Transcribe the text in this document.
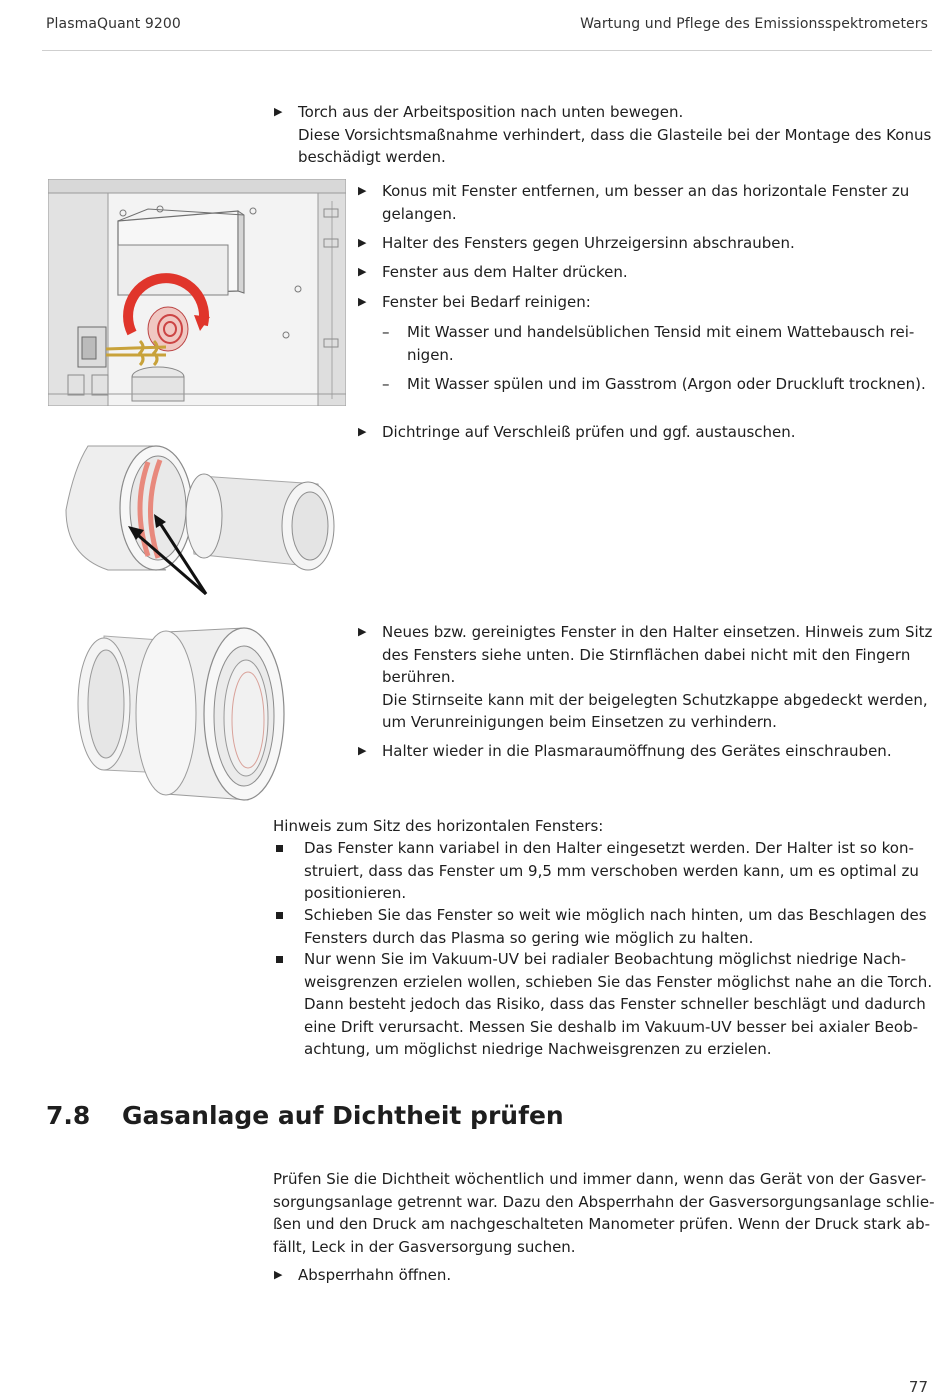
PlasmaQuant 9200	Wartung und Pflege des Emissionsspektrometers
▶ Torch aus der Arbeitsposition nach unten bewegen.
Diese Vorsichtsmaßnahme verhindert, dass die Glasteile bei der Montage des Konus
beschädigt werden.
▶ Konus mit Fenster entfernen, um besser an das horizontale Fenster zu
gelangen.
▶ Halter des Fensters gegen Uhrzeigersinn abschrauben.
▶ Fenster aus dem Halter drücken.
▶ Fenster bei Bedarf reinigen:
– Mit Wasser und handelsüblichen Tensid mit einem Wattebausch rei-
nigen.
– Mit Wasser spülen und im Gasstrom (Argon oder Druckluft trocknen).
▶ Dichtringe auf Verschleiß prüfen und ggf. austauschen.
▶ Neues bzw. gereinigtes Fenster in den Halter einsetzen. Hinweis zum Sitz
des Fensters siehe unten. Die Stirnflächen dabei nicht mit den Fingern
berühren.
Die Stirnseite kann mit der beigelegten Schutzkappe abgedeckt werden,
um Verunreinigungen beim Einsetzen zu verhindern.
▶ Halter wieder in die Plasmaraumöffnung des Gerätes einschrauben.
Hinweis zum Sitz des horizontalen Fensters:
Das Fenster kann variabel in den Halter eingesetzt werden. Der Halter ist so kon-
struiert, dass das Fenster um 9,5 mm verschoben werden kann, um es optimal zu
positionieren.
Schieben Sie das Fenster so weit wie möglich nach hinten, um das Beschlagen des
Fensters durch das Plasma so gering wie möglich zu halten.
Nur wenn Sie im Vakuum-UV bei radialer Beobachtung möglichst niedrige Nach-
weisgrenzen erzielen wollen, schieben Sie das Fenster möglichst nahe an die Torch.
Dann besteht jedoch das Risiko, dass das Fenster schneller beschlägt und dadurch
eine Drift verursacht. Messen Sie deshalb im Vakuum-UV besser bei axialer Beob-
achtung, um möglichst niedrige Nachweisgrenzen zu erzielen.
7.8 Gasanlage auf Dichtheit prüfen
Prüfen Sie die Dichtheit wöchentlich und immer dann, wenn das Gerät von der Gasver-
sorgungsanlage getrennt war. Dazu den Absperrhahn der Gasversorgungsanlage schlie-
ßen und den Druck am nachgeschalteten Manometer prüfen. Wenn der Druck stark ab-
fällt, Leck in der Gasversorgung suchen.
▶ Absperrhahn öffnen.
77
